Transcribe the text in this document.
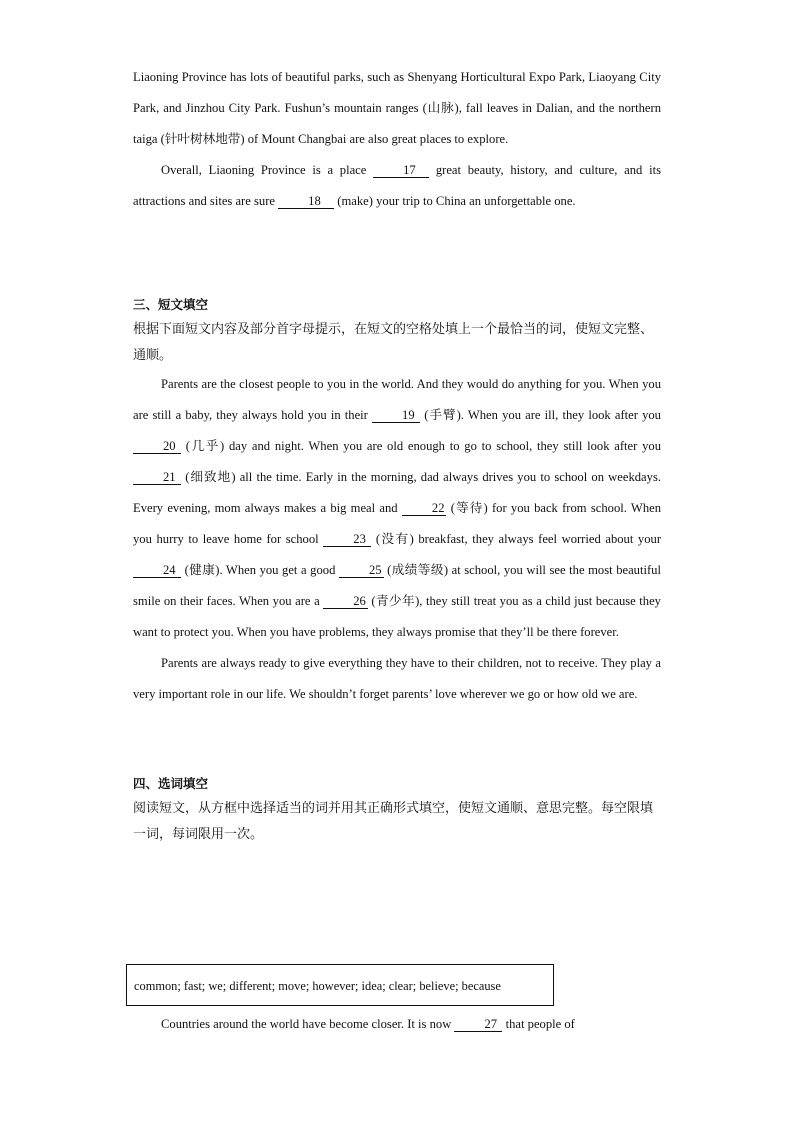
Liaoning Province has lots of beautiful parks, such as Shenyang Horticultural Expo Park, Liaoyang City Park, and Jinzhou City Park. Fushun’s mountain ranges (山脉), fall leaves in Dalian, and the northern taiga (针叶树林地带) of Mount Changbai are also great places to explore.

Overall, Liaoning Province is a place	17 great beauty, history, and culture, and its attractions and sites are sure	18 (make) your trip to China an unforgettable one.

三、短文填空

根据下面短文内容及部分首字母提示，在短文的空格处填上一个最恰当的词，使短文完整、通顺。

Parents are the closest people to you in the world. And they would do anything for you. When you are still a baby, they always hold you in their	19 (手臂). When you are ill, they look after you 20 (几乎) day and night. When you are old enough to go to school, they still look after you 21 (细致地) all the time. Early in the morning, dad always drives you to school on weekdays. Every evening, mom always makes a big meal and	22 (等待) for you back from school. When you hurry to leave home for school	23 (没有) breakfast, they always feel worried about your 24 (健康). When you get a good	25 (成绩等级) at school, you will see the most beautiful smile on their faces. When you are a	26 (青少年), they still treat you as a child just because they want to protect you. When you have problems, they always promise that they’ll be there forever.

Parents are always ready to give everything they have to their children, not to receive. They play a very important role in our life. We shouldn’t forget parents’ love wherever we go or how old we are.

四、选词填空

阅读短文，从方框中选择适当的词并用其正确形式填空，使短文通顺、意思完整。每空限填一词，每词限用一次。

common; fast; we; different; move; however; idea; clear; believe; because

Countries around the world have become closer. It is now	27 that people of
